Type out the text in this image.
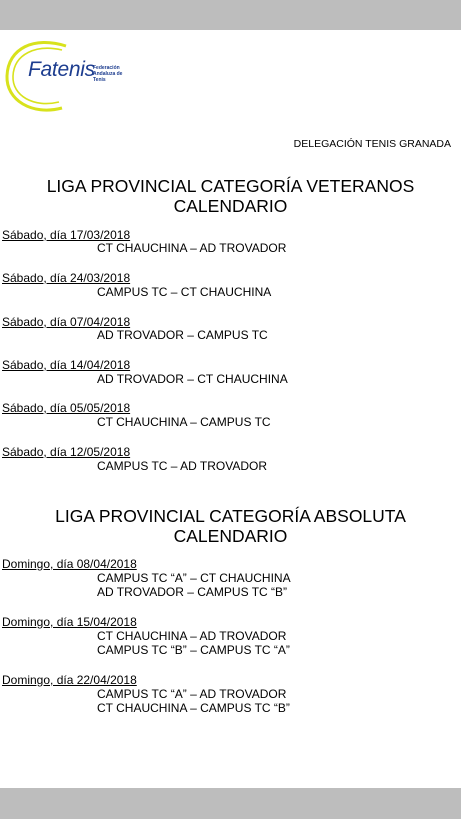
Fatenis
Federación
Andaluza de
Tenis
DELEGACIÓN TENIS GRANADA
LIGA PROVINCIAL CATEGORÍA VETERANOS
CALENDARIO
Sábado, día 17/03/2018
CT CHAUCHINA – AD TROVADOR
Sábado, día 24/03/2018
CAMPUS TC – CT CHAUCHINA
Sábado, día 07/04/2018
AD TROVADOR – CAMPUS TC
Sábado, día 14/04/2018
AD TROVADOR – CT CHAUCHINA
Sábado, día 05/05/2018
CT CHAUCHINA – CAMPUS TC
Sábado, día 12/05/2018
CAMPUS TC – AD TROVADOR
LIGA PROVINCIAL CATEGORÍA ABSOLUTA
CALENDARIO
Domingo, día 08/04/2018
CAMPUS TC “A” – CT CHAUCHINA
AD TROVADOR – CAMPUS TC “B”
Domingo, día 15/04/2018
CT CHAUCHINA – AD TROVADOR
CAMPUS TC “B” – CAMPUS TC “A”
Domingo, día 22/04/2018
CAMPUS TC “A” – AD TROVADOR
CT CHAUCHINA – CAMPUS TC “B”
